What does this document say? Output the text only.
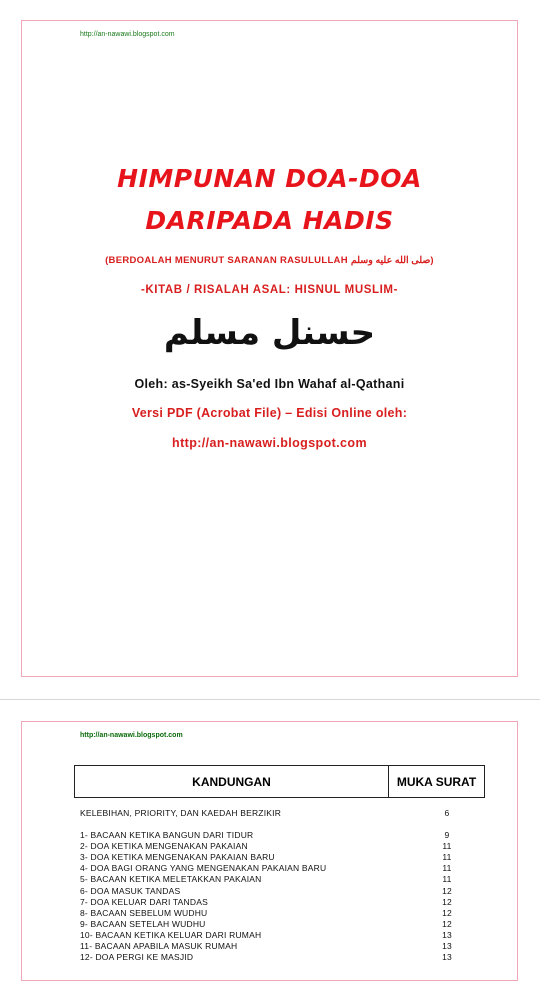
http://an-nawawi.blogspot.com
HIMPUNAN DOA-DOA
DARIPADA HADIS
(BERDOALAH MENURUT SARANAN RASULULLAH صلى الله عليه وسلم)
-KITAB / RISALAH ASAL: HISNUL MUSLIM-
حسنل مسلم
Oleh: as-Syeikh Sa'ed Ibn Wahaf al-Qathani
Versi PDF (Acrobat File) – Edisi Online oleh:
http://an-nawawi.blogspot.com
http://an-nawawi.blogspot.com
KANDUNGAN	MUKA SURAT
KELEBIHAN, PRIORITY, DAN KAEDAH BERZIKIR	6
1- BACAAN KETIKA BANGUN DARI TIDUR	9
2- DOA KETIKA MENGENAKAN PAKAIAN	11
3- DOA KETIKA MENGENAKAN PAKAIAN BARU	11
4- DOA BAGI ORANG YANG MENGENAKAN PAKAIAN BARU	11
5- BACAAN KETIKA MELETAKKAN PAKAIAN	11
6- DOA MASUK TANDAS	12
7- DOA KELUAR DARI TANDAS	12
8- BACAAN SEBELUM WUDHU	12
9- BACAAN SETELAH WUDHU	12
10- BACAAN KETIKA KELUAR DARI RUMAH	13
11- BACAAN APABILA MASUK RUMAH	13
12- DOA PERGI KE MASJID	13
